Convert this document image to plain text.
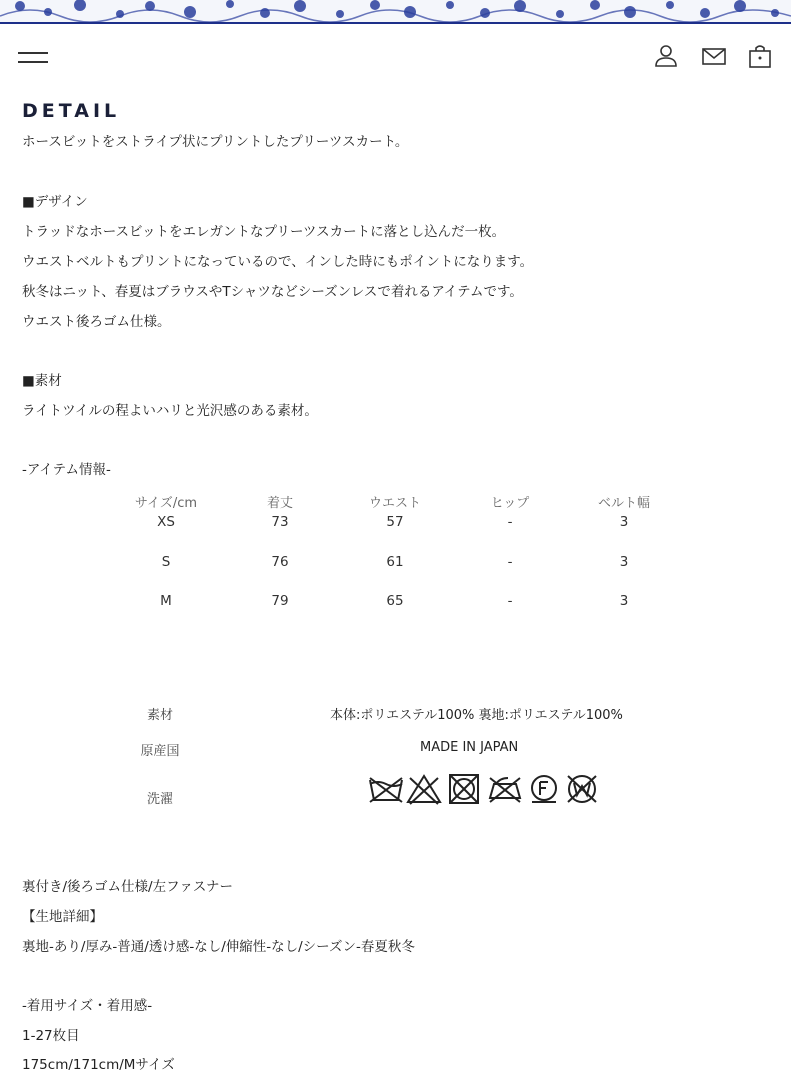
DETAIL
ホースビットをストライプ状にプリントしたプリーツスカート。
■デザイン
トラッドなホースビットをエレガントなプリーツスカートに落とし込んだ一枚。
ウエストベルトもプリントになっているので、インした時にもポイントになります。
秋冬はニット、春夏はブラウスやTシャツなどシーズンレスで着れるアイテムです。
ウエスト後ろゴム仕様。
■素材
ライトツイルの程よいハリと光沢感のある素材。
-アイテム情報-
サイズ/cm	着丈	ウエスト	ヒップ	ベルト幅
XS	73	57	-	3
S	76	61	-	3
M	79	65	-	3
素材	本体:ポリエステル100% 裏地:ポリエステル100%
原産国	MADE IN JAPAN
洗濯
裏付き/後ろゴム仕様/左ファスナー
【生地詳細】
裏地-あり/厚み-普通/透け感-なし/伸縮性-なし/シーズン-春夏秋冬
-着用サイズ・着用感-
1-27枚目
175cm/171cm/Mサイズ
